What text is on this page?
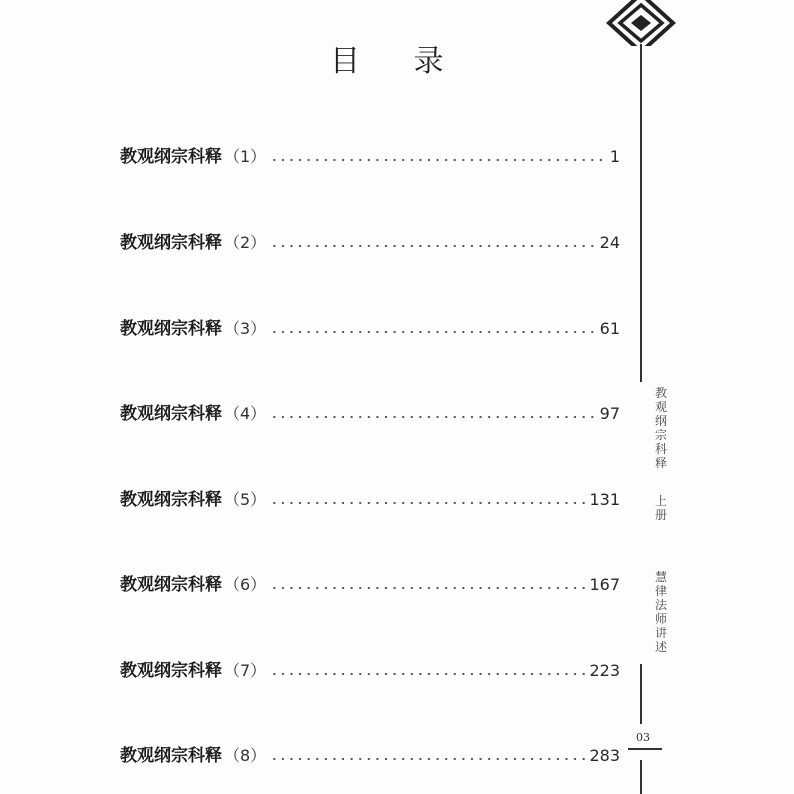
目 录
教观纲宗科释 （1）	1
教观纲宗科释 （2）	24
教观纲宗科释 （3）	61
教观纲宗科释 （4）	97
教观纲宗科释 （5）	131
教观纲宗科释 （6）	167
教观纲宗科释 （7）	223
教观纲宗科释 （8）	283
教观纲宗科释
上册
慧律法师讲述
03
